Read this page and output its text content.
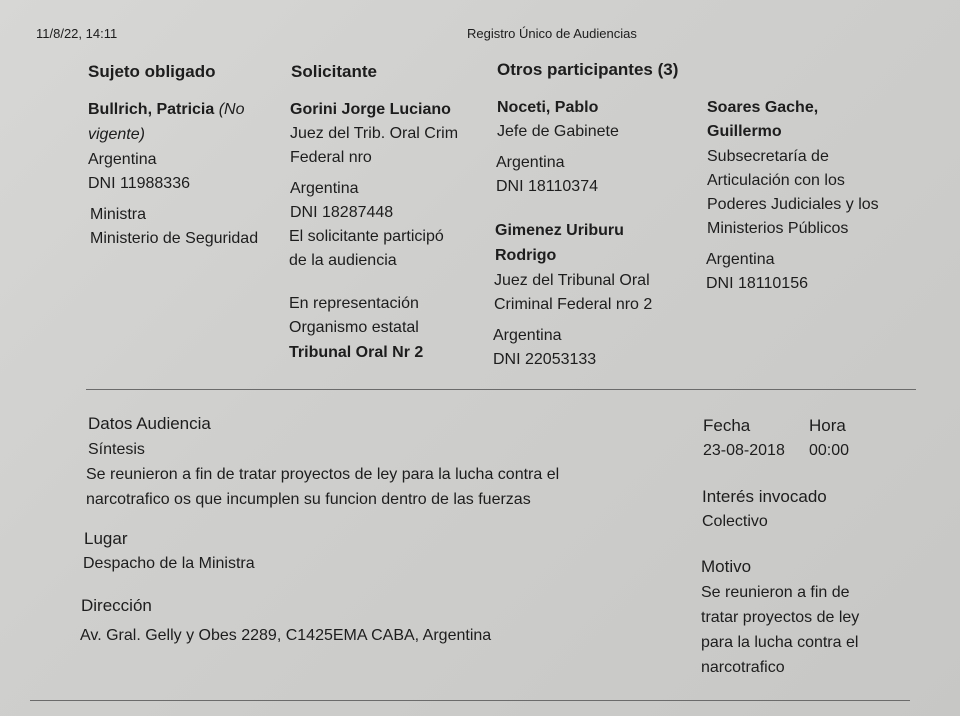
11/8/22, 14:11	Registro Único de Audiencias
Sujeto obligado
Bullrich, Patricia (No
vigente)
Argentina
DNI 11988336
Ministra
Ministerio de Seguridad
Solicitante
Gorini Jorge Luciano
Juez del Trib. Oral Crim
Federal nro
Argentina
DNI 18287448
El solicitante participó
de la audiencia
En representación
Organismo estatal
Tribunal Oral Nr 2
Otros participantes (3)
Noceti, Pablo
Jefe de Gabinete
Argentina
DNI 18110374
Gimenez Uriburu
Rodrigo
Juez del Tribunal Oral
Criminal Federal nro 2
Argentina
DNI 22053133
Soares Gache,
Guillermo
Subsecretaría de
Articulación con los
Poderes Judiciales y los
Ministerios Públicos
Argentina
DNI 18110156
Datos Audiencia
Síntesis
Se reunieron a fin de tratar proyectos de ley para la lucha contra el
narcotrafico os que incumplen su funcion dentro de las fuerzas
Lugar
Despacho de la Ministra
Dirección
Av. Gral. Gelly y Obes 2289, C1425EMA CABA, Argentina
Fecha	Hora
23-08-2018 00:00
Interés invocado
Colectivo
Motivo
Se reunieron a fin de
tratar proyectos de ley
para la lucha contra el
narcotrafico
